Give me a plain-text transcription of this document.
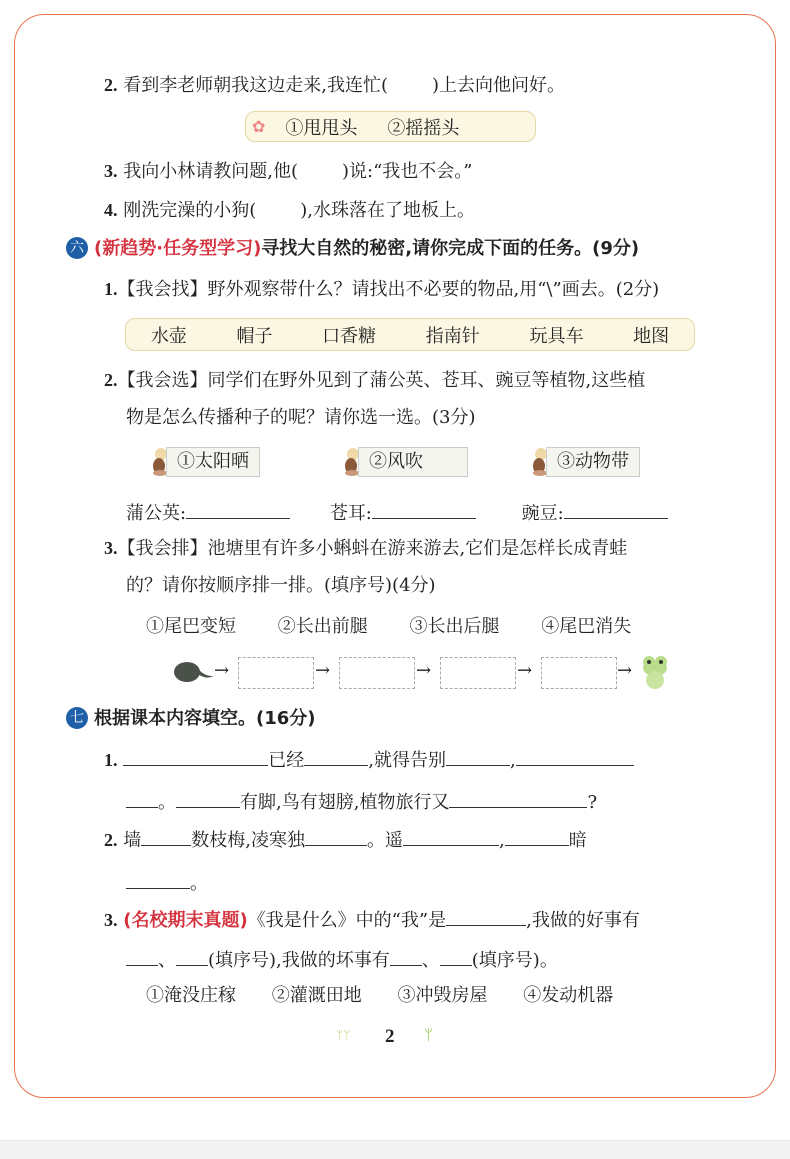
2. 看到李老师朝我这边走来,我连忙( )上去向他问好。
✿ ①甩甩头 ②摇摇头
3. 我向小林请教问题,他( )说:“我也不会。”
4. 刚洗完澡的小狗( ),水珠落在了地板上。
六 (新趋势·任务型学习)寻找大自然的秘密,请你完成下面的任务。(9分)
1.【我会找】野外观察带什么？请找出不必要的物品,用“\”画去。(2分)
水壶	帽子	口香糖	指南针	玩具车	地图
2.【我会选】同学们在野外见到了蒲公英、苍耳、豌豆等植物,这些植
物是怎么传播种子的呢？请你选一选。(3分)
①太阳晒	②风吹	③动物带
蒲公英:	苍耳:	豌豆:
3.【我会排】池塘里有许多小蝌蚪在游来游去,它们是怎样长成青蛙
的？请你按顺序排一排。(填序号)(4分)
①尾巴变短 ②长出前腿 ③长出后腿 ④尾巴消失
→	→	→	→	→
七 根据课本内容填空。(16分)
1.	已经	,就得告别	,
。	有脚,鸟有翅膀,植物旅行又	?
2. 墙	数枝梅,凌寒独	。遥	,	暗
。
3. (名校期末真题)《我是什么》中的“我”是	,我做的好事有
、 (填序号),我做的坏事有 、 (填序号)。
①淹没庄稼 ②灌溉田地 ③冲毁房屋 ④发动机器
ᛘᛘ 2 ᛘ
